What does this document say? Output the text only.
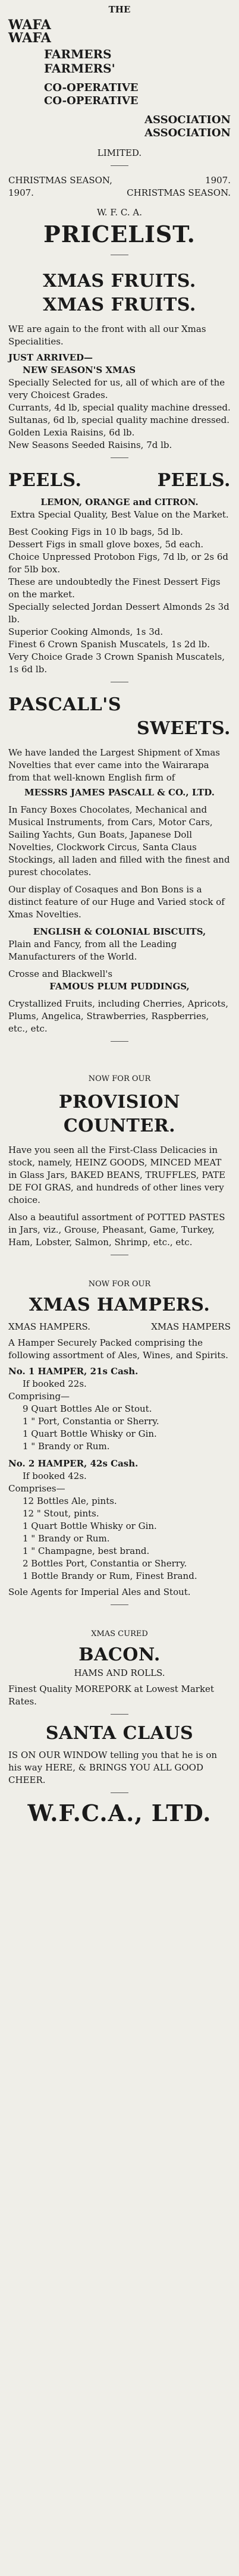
THE
WAFA
WAFA
FARMERS
FARMERS'
CO-OPERATIVE
CO-OPERATIVE
ASSOCIATION
ASSOCIATION
LIMITED.
CHRISTMAS SEASON,	1907.
1907.	CHRISTMAS SEASON.
W. F. C. A.
PRICELIST.
XMAS FRUITS.
XMAS FRUITS.
WE are again to the front with all our Xmas Specialities.
JUST ARRIVED—
NEW SEASON'S XMAS
Specially Selected for us, all of which are of the very Choicest Grades.
Currants, 4d lb, special quality machine dressed.
Sultanas, 6d lb, special quality machine dressed.
Golden Lexia Raisins, 6d lb.
New Seasons Seeded Raisins, 7d lb.
PEELS.	PEELS.
LEMON, ORANGE and CITRON.
Extra Special Quality, Best Value on the Market.
Best Cooking Figs in 10 lb bags, 5d lb.
Dessert Figs in small glove boxes, 5d each.
Choice Unpressed Protobon Figs, 7d lb, or 2s 6d for 5lb box.
These are undoubtedly the Finest Dessert Figs on the market.
Specially selected Jordan Dessert Almonds 2s 3d lb.
Superior Cooking Almonds, 1s 3d.
Finest 6 Crown Spanish Muscatels, 1s 2d lb.
Very Choice Grade 3 Crown Spanish Muscatels, 1s 6d lb.
PASCALL'S
SWEETS.
We have landed the Largest Shipment of Xmas Novelties that ever came into the Wairarapa from that well-known English firm of
MESSRS JAMES PASCALL & CO., LTD.
In Fancy Boxes Chocolates, Mechanical and Musical Instruments, from Cars, Motor Cars, Sailing Yachts, Gun Boats, Japanese Doll Novelties, Clockwork Circus, Santa Claus Stockings, all laden and filled with the finest and purest chocolates.
Our display of Cosaques and Bon Bons is a distinct feature of our Huge and Varied stock of Xmas Novelties.
ENGLISH & COLONIAL BISCUITS,
Plain and Fancy, from all the Leading Manufacturers of the World.
Crosse and Blackwell's
FAMOUS PLUM PUDDINGS,
Crystallized Fruits, including Cherries, Apricots, Plums, Angelica, Strawberries, Raspberries, etc., etc.
NOW FOR OUR
PROVISION
COUNTER.
Have you seen all the First-Class Delicacies in stock, namely, HEINZ GOODS, MINCED MEAT in Glass Jars, BAKED BEANS, TRUFFLES, PATE DE FOI GRAS, and hundreds of other lines very choice.
Also a beautiful assortment of POTTED PASTES in Jars, viz., Grouse, Pheasant, Game, Turkey, Ham, Lobster, Salmon, Shrimp, etc., etc.
NOW FOR OUR
XMAS HAMPERS.
XMAS HAMPERS.	XMAS HAMPERS
A Hamper Securely Packed comprising the following assortment of Ales, Wines, and Spirits.
No. 1 HAMPER, 21s Cash.
If booked 22s.
Comprising—
9 Quart Bottles Ale or Stout.
1 " Port, Constantia or Sherry.
1 Quart Bottle Whisky or Gin.
1 " Brandy or Rum.
No. 2 HAMPER, 42s Cash.
If booked 42s.
Comprises—
12 Bottles Ale, pints.
12 " Stout, pints.
1 Quart Bottle Whisky or Gin.
1 " Brandy or Rum.
1 " Champagne, best brand.
2 Bottles Port, Constantia or Sherry.
1 Bottle Brandy or Rum, Finest Brand.
Sole Agents for Imperial Ales and Stout.
XMAS CURED
BACON.
HAMS AND ROLLS.
Finest Quality MOREPORK at Lowest Market Rates.
SANTA CLAUS
IS ON OUR WINDOW telling you that he is on his way HERE, & BRINGS YOU ALL GOOD CHEER.
W.F.C.A., LTD.
